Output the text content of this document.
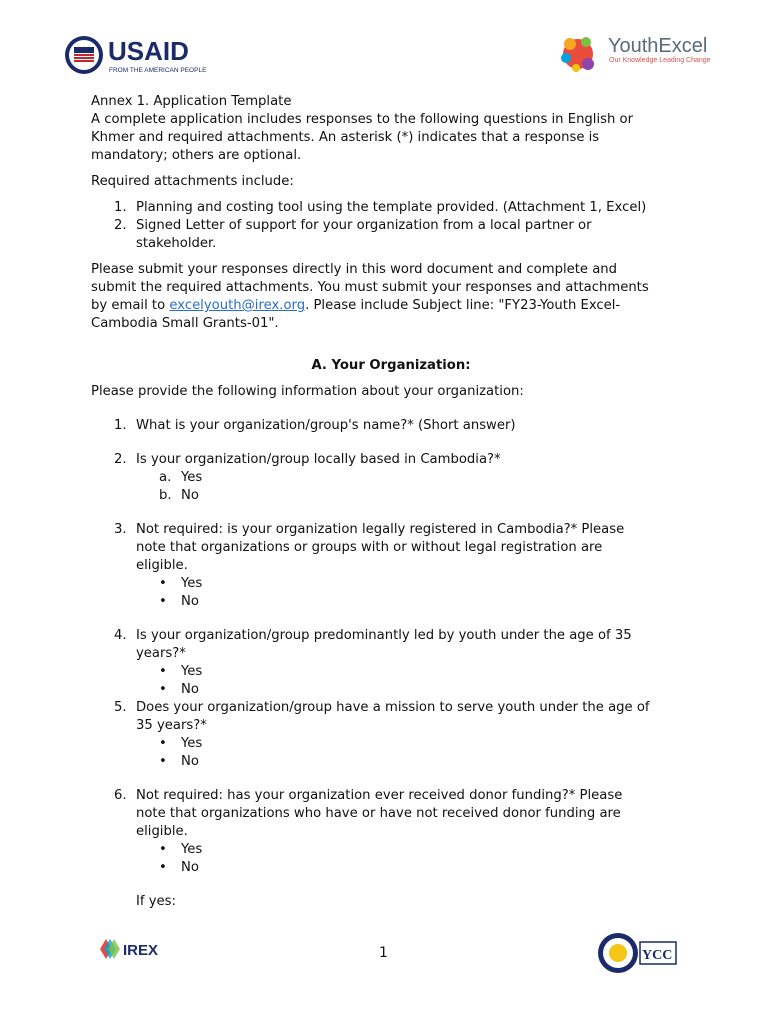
USAID
FROM THE AMERICAN PEOPLE
YouthExcel
Our Knowledge Leading Change
Annex 1. Application Template
A complete application includes responses to the following questions in English or
Khmer and required attachments. An asterisk (*) indicates that a response is
mandatory; others are optional.
Required attachments include:
1. Planning and costing tool using the template provided. (Attachment 1, Excel)
2. Signed Letter of support for your organization from a local partner or
stakeholder.
Please submit your responses directly in this word document and complete and
submit the required attachments. You must submit your responses and attachments
by email to excelyouth@irex.org. Please include Subject line: "FY23-Youth Excel-
Cambodia Small Grants-01".
A. Your Organization:
Please provide the following information about your organization:
1. What is your organization/group's name?* (Short answer)
2. Is your organization/group locally based in Cambodia?*
a. Yes
b. No
3. Not required: is your organization legally registered in Cambodia?* Please
note that organizations or groups with or without legal registration are
eligible.
• Yes
• No
4. Is your organization/group predominantly led by youth under the age of 35
years?*
• Yes
• No
5. Does your organization/group have a mission to serve youth under the age of
35 years?*
• Yes
• No
6. Not required: has your organization ever received donor funding?* Please
note that organizations who have or have not received donor funding are
eligible.
• Yes
• No
If yes:
IREX	1	YCC
